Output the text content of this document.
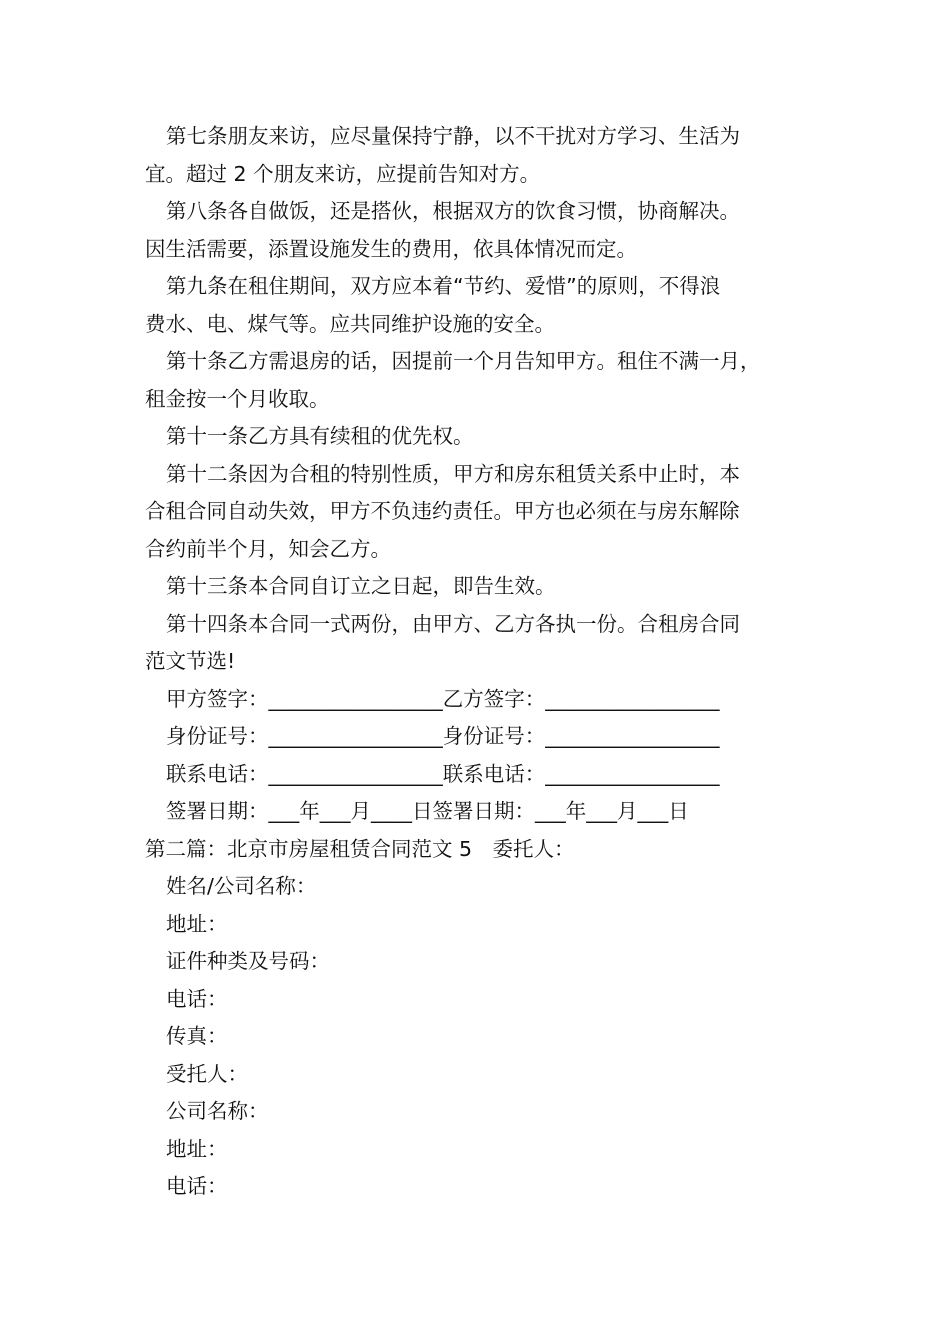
第七条朋友来访，应尽量保持宁静，以不干扰对方学习、生活为
宜。超过 2 个朋友来访，应提前告知对方。
第八条各自做饭，还是搭伙，根据双方的饮食习惯，协商解决。
因生活需要，添置设施发生的费用，依具体情况而定。
第九条在租住期间，双方应本着“节约、爱惜”的原则，不得浪
费水、电、煤气等。应共同维护设施的安全。
第十条乙方需退房的话，因提前一个月告知甲方。租住不满一月，
租金按一个月收取。
第十一条乙方具有续租的优先权。
第十二条因为合租的特别性质，甲方和房东租赁关系中止时，本
合租合同自动失效，甲方不负违约责任。甲方也必须在与房东解除
合约前半个月，知会乙方。
第十三条本合同自订立之日起，即告生效。
第十四条本合同一式两份，由甲方、乙方各执一份。合租房合同
范文节选!
甲方签字：_________________乙方签字：_________________
身份证号：_________________身份证号：_________________
联系电话：_________________联系电话：_________________
签署日期：___年___月____日签署日期：___年___月___日
第二篇：北京市房屋租赁合同范文 5　委托人：
姓名/公司名称：
地址：
证件种类及号码：
电话：
传真：
受托人：
公司名称：
地址：
电话：
